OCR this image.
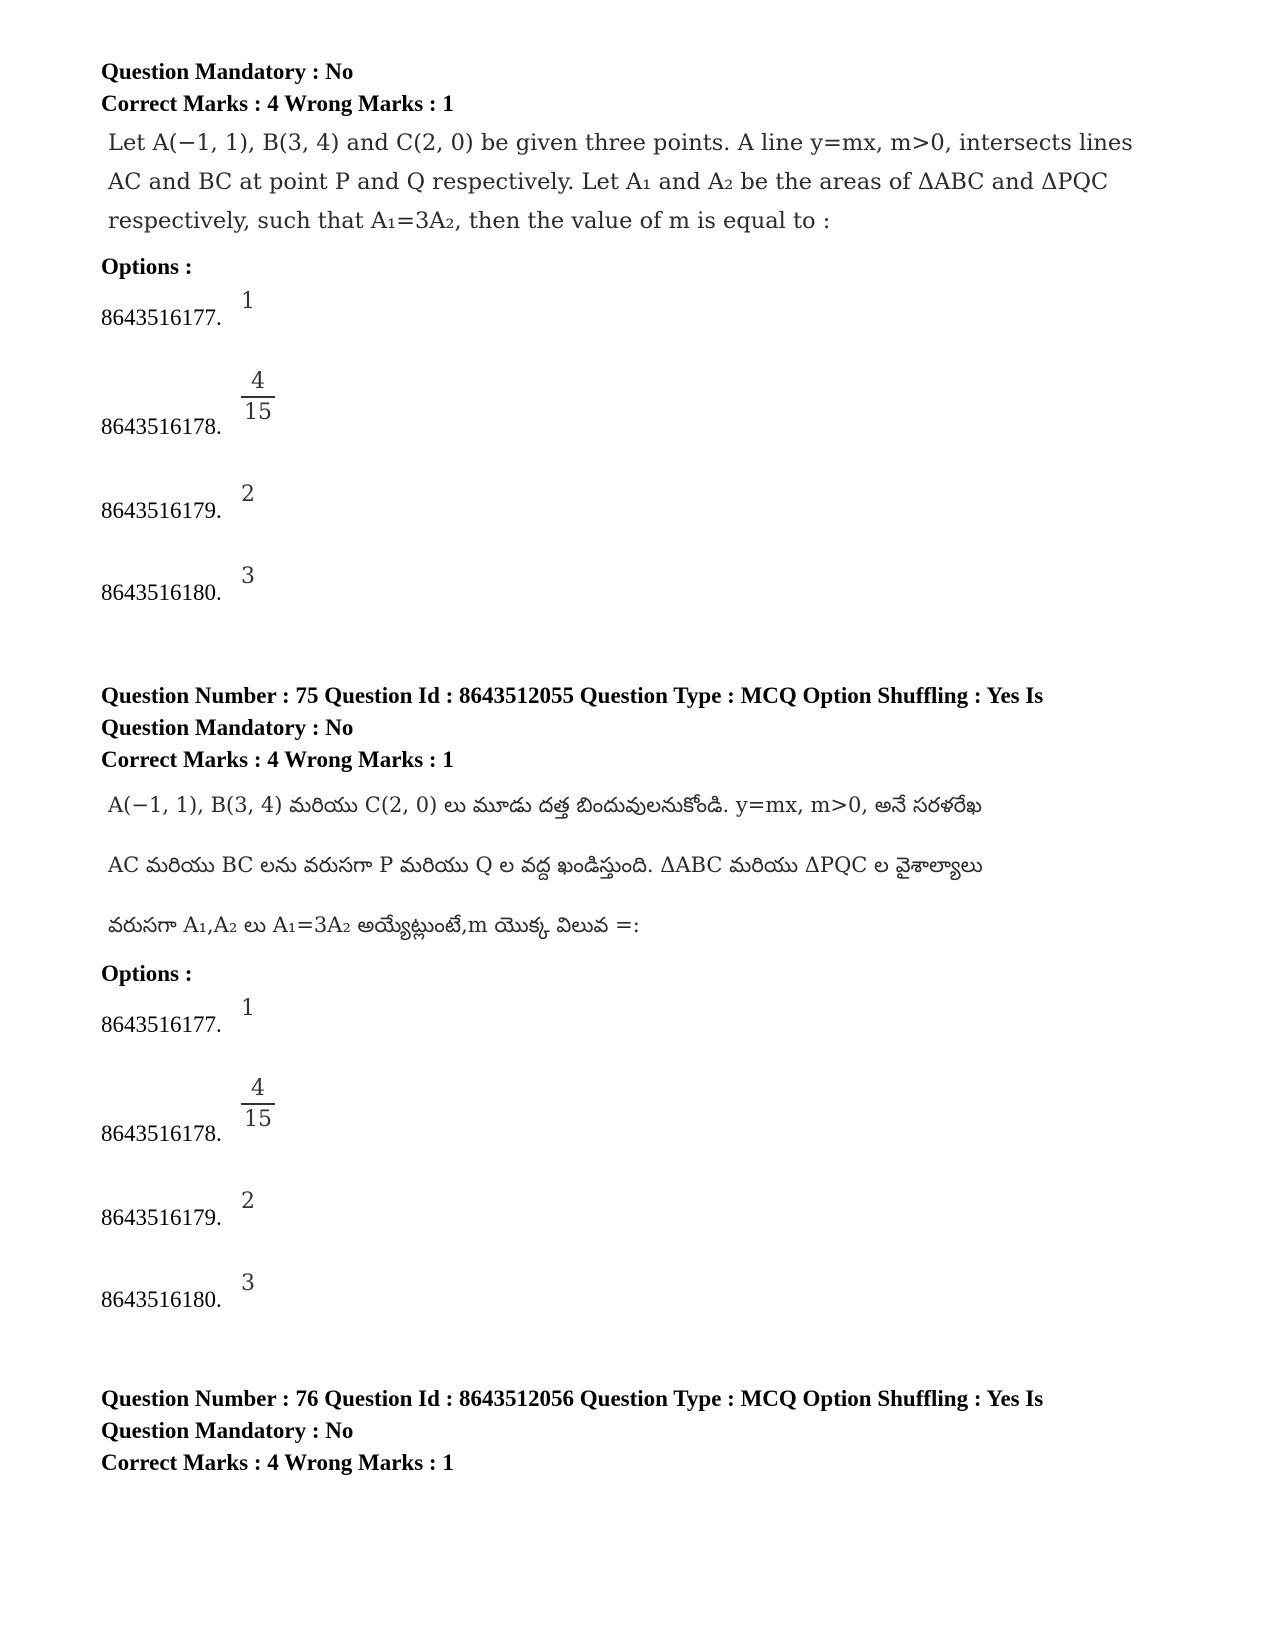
Question Mandatory : No
Correct Marks : 4 Wrong Marks : 1
Let A(−1, 1), B(3, 4) and C(2, 0) be given three points. A line y=mx, m>0, intersects lines
AC and BC at point P and Q respectively. Let A₁ and A₂ be the areas of ΔABC and ΔPQC
respectively, such that A₁=3A₂, then the value of m is equal to :
Options :
8643516177.
1
8643516178. $\frac{4}{15}$
8643516179.
2
8643516180.
3
Question Number : 75 Question Id : 8643512055 Question Type : MCQ Option Shuffling : Yes Is
Question Mandatory : No
Correct Marks : 4 Wrong Marks : 1
A(−1, 1), B(3, 4) మరియు C(2, 0) లు మూడు దత్త బిందువులనుకోండి. y=mx, m>0, అనే సరళరేఖ
AC మరియు BC లను వరుసగా P మరియు Q ల వద్ద ఖండిస్తుంది. ΔABC మరియు ΔPQC ల వైశాల్యాలు
వరుసగా A₁,A₂ లు A₁=3A₂ అయ్యేట్లుంటే,m యొక్క విలువ =:
Options :
8643516177.
1
8643516178. $\frac{4}{15}$
8643516179.
2
8643516180.
3
Question Number : 76 Question Id : 8643512056 Question Type : MCQ Option Shuffling : Yes Is
Question Mandatory : No
Correct Marks : 4 Wrong Marks : 1
